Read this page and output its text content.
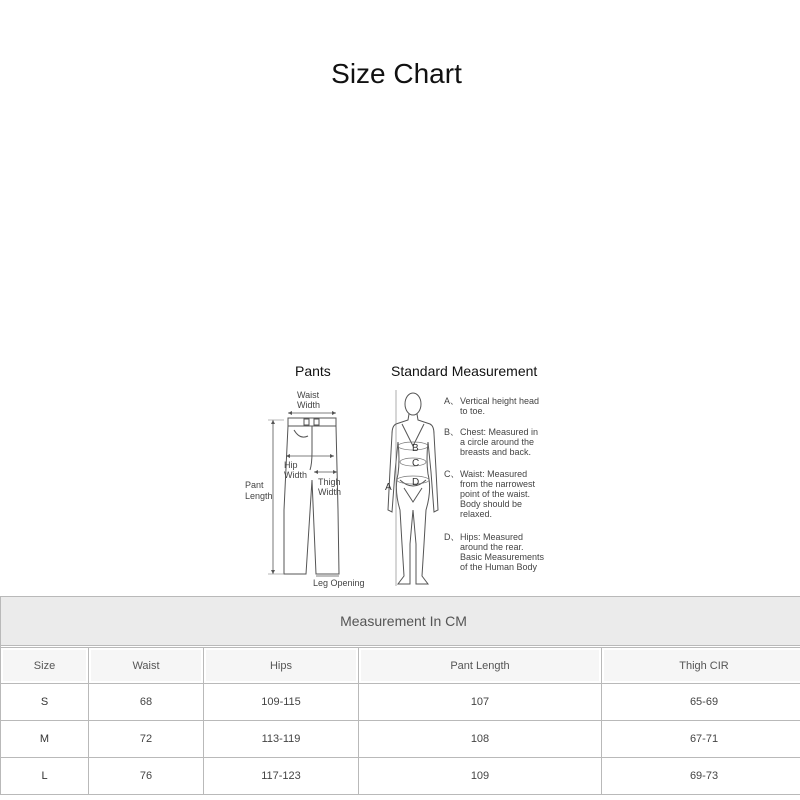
Size Chart
Pants
Waist
Width
Pant
Length
Hip
Width
Thigh
Width
Leg Opening
Standard Measurement
A
B
C
D
A、 Vertical height head
to toe.
B、 Chest: Measured in
a circle around the
breasts and back.
C、 Waist: Measured
from the narrowest
point of the waist.
Body should be
relaxed.
D、 Hips: Measured
around the rear.
Basic Measurements
of the Human Body
Measurement In CM				

Size	Waist	Hips	Pant Length	Thigh CIR
S	68	109-115	107	65-69
M	72	113-119	108	67-71
L	76	117-123	109	69-73
